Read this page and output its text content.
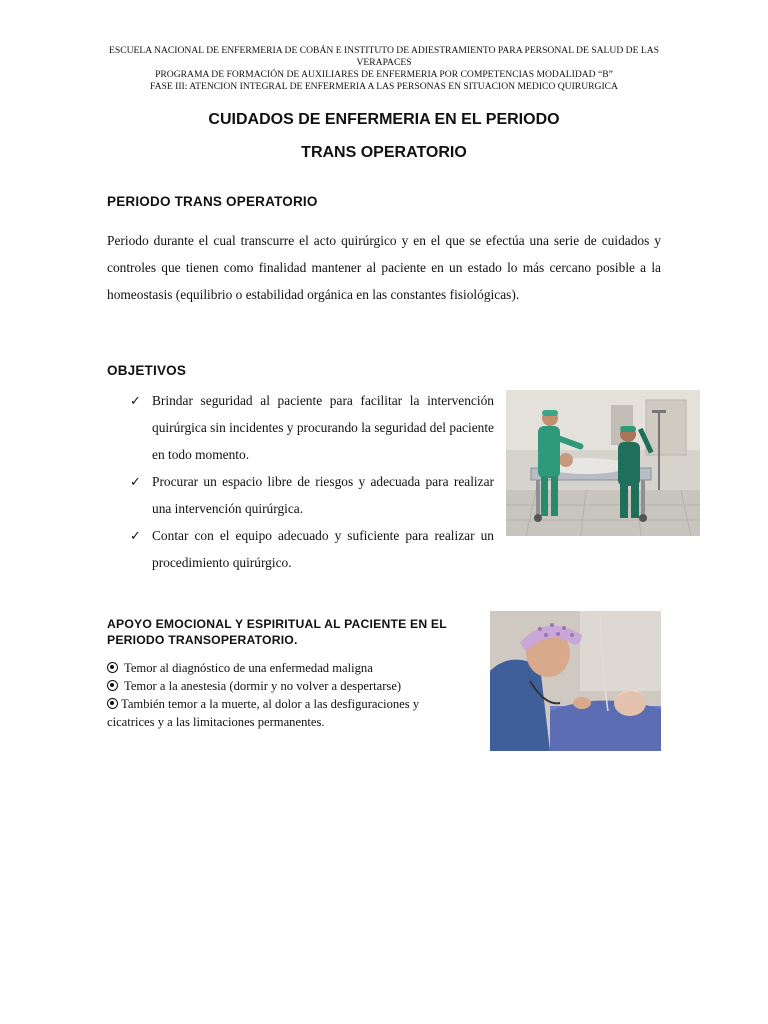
ESCUELA NACIONAL DE ENFERMERIA DE COBÁN E INSTITUTO DE ADIESTRAMIENTO PARA PERSONAL DE SALUD DE LAS VERAPACES
PROGRAMA DE FORMACIÓN DE AUXILIARES DE ENFERMERIA POR COMPETENCIAS MODALIDAD “B”
FASE III: ATENCION INTEGRAL DE ENFERMERIA A LAS PERSONAS EN SITUACION MEDICO QUIRURGICA
CUIDADOS DE ENFERMERIA EN EL PERIODO
TRANS OPERATORIO
PERIODO TRANS OPERATORIO
Periodo durante el cual transcurre el acto quirúrgico y en el que se efectúa una serie de cuidados y controles que tienen como finalidad mantener al paciente en un estado lo más cercano posible a la homeostasis (equilibrio o estabilidad orgánica en las constantes fisiológicas).
OBJETIVOS
✓ Brindar seguridad al paciente para facilitar la intervención quirúrgica sin incidentes y procurando la seguridad del paciente en todo momento.
✓ Procurar un espacio libre de riesgos y adecuada para realizar una intervención quirúrgica.
✓ Contar con el equipo adecuado y suficiente para realizar un procedimiento quirúrgico.
APOYO EMOCIONAL Y ESPIRITUAL AL PACIENTE EN EL PERIODO TRANSOPERATORIO.
Temor al diagnóstico de una enfermedad maligna
Temor a la anestesia (dormir y no volver a despertarse)
También temor a la muerte, al dolor a las desfiguraciones y cicatrices y a las limitaciones permanentes.
